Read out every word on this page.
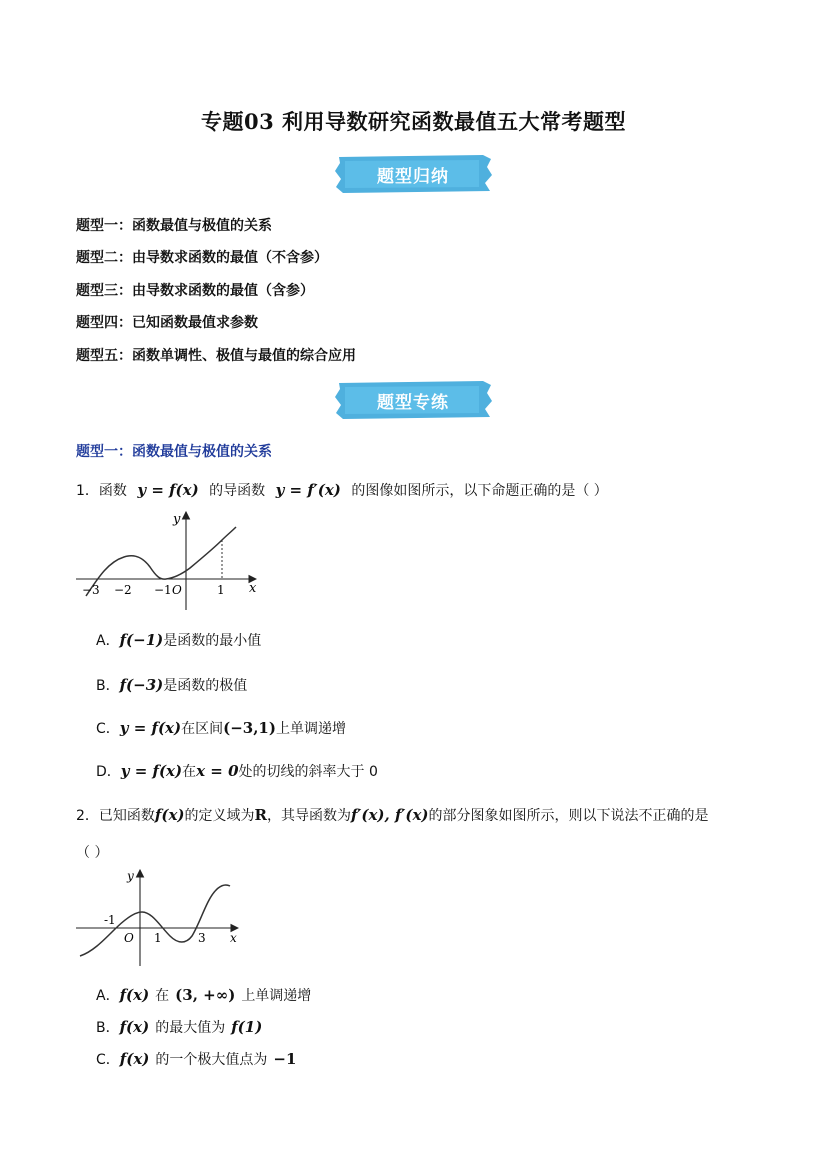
专题03 利用导数研究函数最值五大常考题型
题型归纳
题型一：函数最值与极值的关系
题型二：由导数求函数的最值（不含参）
题型三：由导数求函数的最值（含参）
题型四：已知函数最值求参数
题型五：函数单调性、极值与最值的综合应用
题型专练
题型一：函数最值与极值的关系
1．函数 y = f(x) 的导函数 y = f′(x) 的图像如图所示，以下命题正确的是（ ）
y
x
−3 −2 −1 O	1
A．f(−1)是函数的最小值
B．f(−3)是函数的极值
C．y = f(x)在区间(−3,1)上单调递增
D．y = f(x)在x = 0处的切线的斜率大于 0
2．已知函数f(x)的定义域为R，其导函数为f′(x), f′(x)的部分图象如图所示，则以下说法不正确的是
（ ）
y
x
-1
O 1	3
A．f(x) 在 (3, +∞) 上单调递增
B．f(x) 的最大值为 f(1)
C．f(x) 的一个极大值点为 −1
